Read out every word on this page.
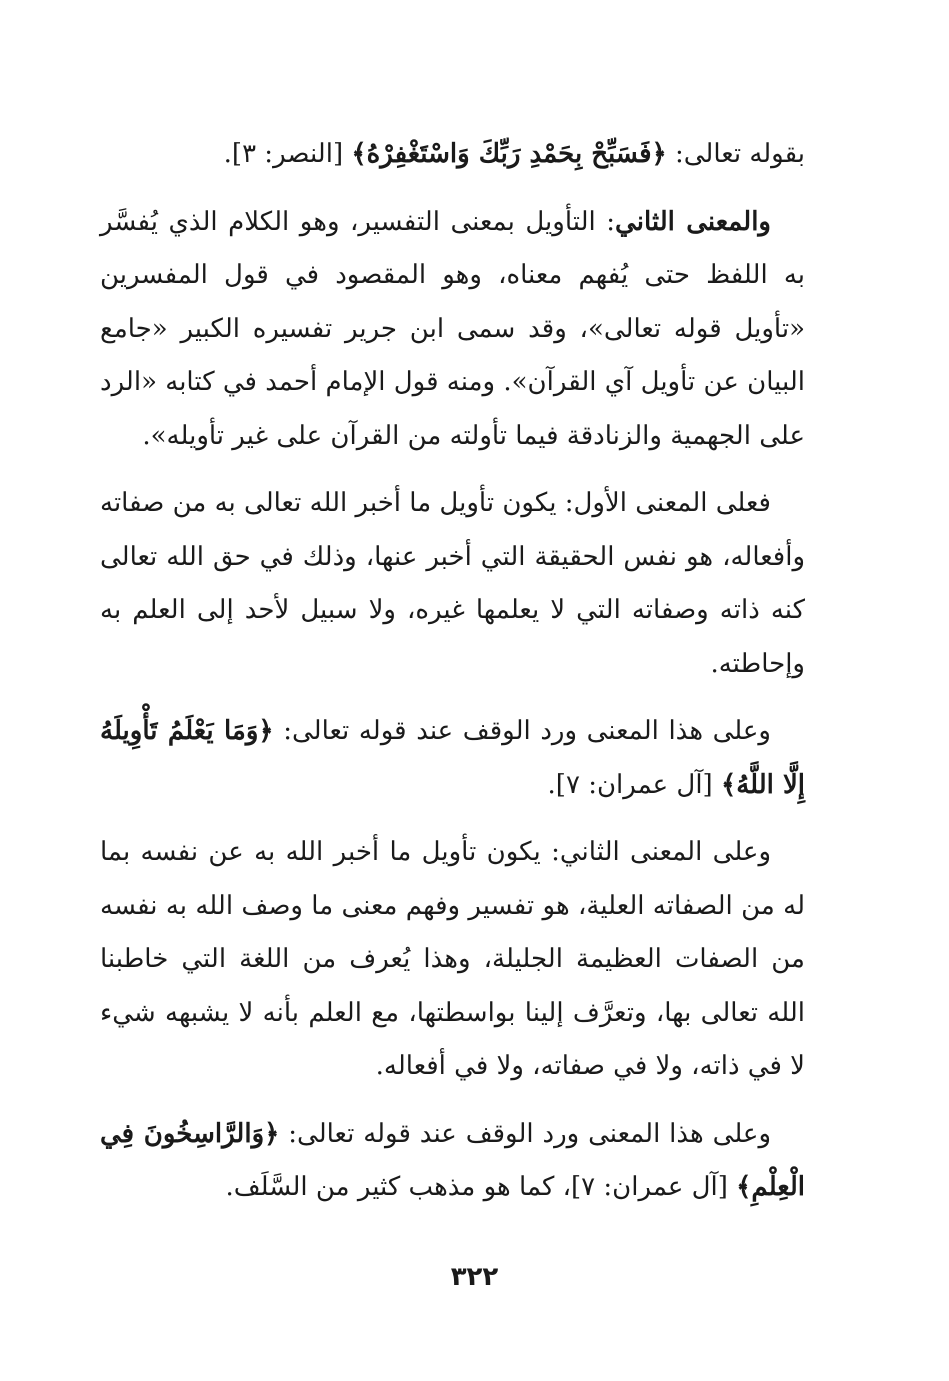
بقوله تعالى: ﴿فَسَبِّحْ بِحَمْدِ رَبِّكَ وَاسْتَغْفِرْهُ﴾ [النصر: ٣].

والمعنى الثاني: التأويل بمعنى التفسير، وهو الكلام الذي يُفسَّر به اللفظ حتى يُفهم معناه، وهو المقصود في قول المفسرين «تأويل قوله تعالى»، وقد سمى ابن جرير تفسيره الكبير «جامع البيان عن تأويل آي القرآن». ومنه قول الإمام أحمد في كتابه «الرد على الجهمية والزنادقة فيما تأولته من القرآن على غير تأويله».

فعلى المعنى الأول: يكون تأويل ما أخبر الله تعالى به من صفاته وأفعاله، هو نفس الحقيقة التي أخبر عنها، وذلك في حق الله تعالى كنه ذاته وصفاته التي لا يعلمها غيره، ولا سبيل لأحد إلى العلم به وإحاطته.

وعلى هذا المعنى ورد الوقف عند قوله تعالى: ﴿وَمَا يَعْلَمُ تَأْوِيلَهُ إِلَّا اللَّهُ﴾ [آل عمران: ٧].

وعلى المعنى الثاني: يكون تأويل ما أخبر الله به عن نفسه بما له من الصفاته العلية، هو تفسير وفهم معنى ما وصف الله به نفسه من الصفات العظيمة الجليلة، وهذا يُعرف من اللغة التي خاطبنا الله تعالى بها، وتعرَّف إلينا بواسطتها، مع العلم بأنه لا يشبهه شيء لا في ذاته، ولا في صفاته، ولا في أفعاله.

وعلى هذا المعنى ورد الوقف عند قوله تعالى: ﴿وَالرَّاسِخُونَ فِي الْعِلْمِ﴾ [آل عمران: ٧]، كما هو مذهب كثير من السَّلَف.

٣٢٢
